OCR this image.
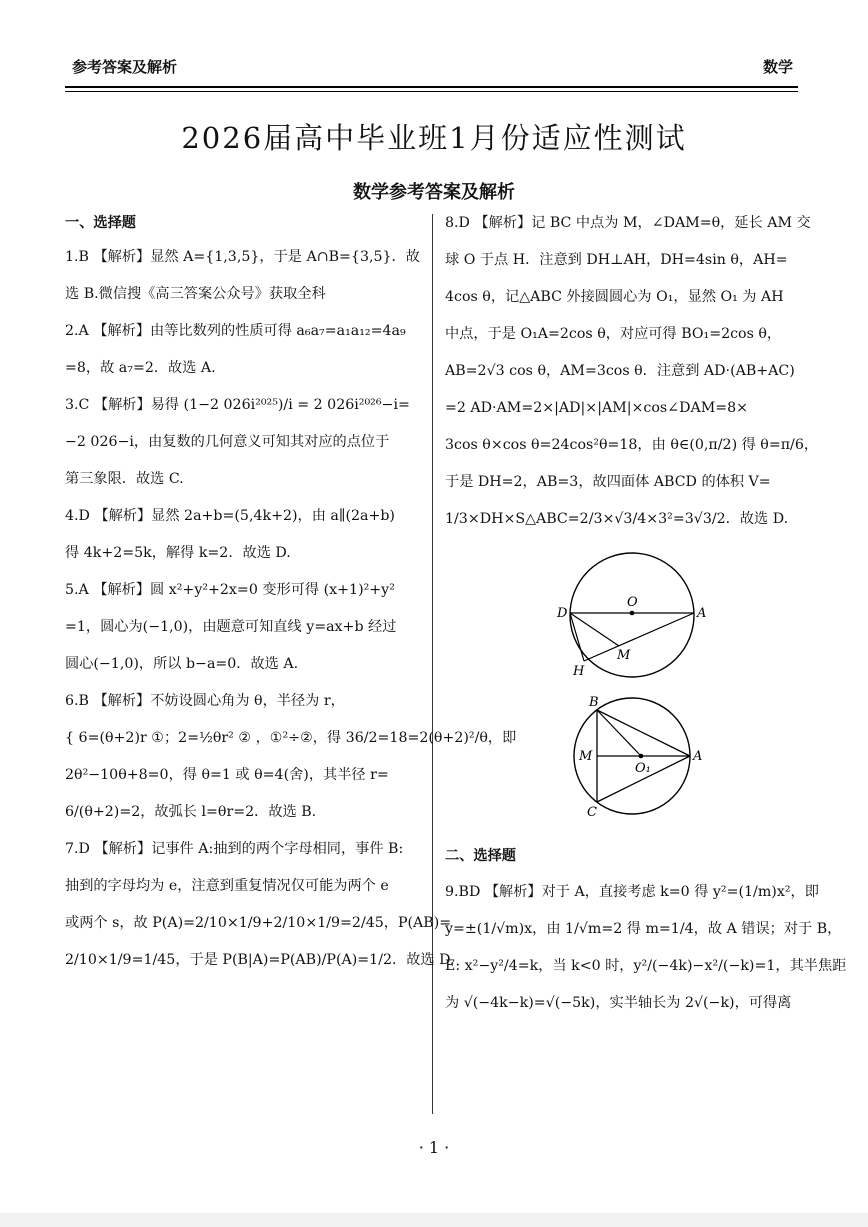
参考答案及解析	数学
2026届高中毕业班1月份适应性测试
数学参考答案及解析
一、选择题
1.B 【解析】显然 A={1,3,5}，于是 A∩B={3,5}．故
选 B.微信搜《高三答案公众号》获取全科
2.A 【解析】由等比数列的性质可得 a₆a₇=a₁a₁₂=4a₉
=8，故 a₇=2．故选 A.
3.C 【解析】易得 (1−2 026i²⁰²⁵)/i = 2 026i²⁰²⁶−i=
−2 026−i，由复数的几何意义可知其对应的点位于
第三象限．故选 C.
4.D 【解析】显然 2a+b=(5,4k+2)，由 a∥(2a+b)
得 4k+2=5k，解得 k=2．故选 D.
5.A 【解析】圆 x²+y²+2x=0 变形可得 (x+1)²+y²
=1，圆心为(−1,0)，由题意可知直线 y=ax+b 经过
圆心(−1,0)，所以 b−a=0．故选 A.
6.B 【解析】不妨设圆心角为 θ，半径为 r，
{ 6=(θ+2)r ①；2=½θr² ② ，①²÷②，得 36/2=18=2(θ+2)²/θ，即
2θ²−10θ+8=0，得 θ=1 或 θ=4(舍)，其半径 r=
6/(θ+2)=2，故弧长 l=θr=2．故选 B.
7.D 【解析】记事件 A:抽到的两个字母相同，事件 B:
抽到的字母均为 e，注意到重复情况仅可能为两个 e
或两个 s，故 P(A)=2/10×1/9+2/10×1/9=2/45，P(AB)=
2/10×1/9=1/45，于是 P(B|A)=P(AB)/P(A)=1/2．故选 D.
8.D 【解析】记 BC 中点为 M，∠DAM=θ，延长 AM 交
球 O 于点 H．注意到 DH⊥AH，DH=4sin θ，AH=
4cos θ，记△ABC 外接圆圆心为 O₁，显然 O₁ 为 AH
中点，于是 O₁A=2cos θ，对应可得 BO₁=2cos θ，
AB=2√3 cos θ，AM=3cos θ．注意到 AD·(AB+AC)
=2 AD·AM=2×|AD|×|AM|×cos∠DAM=8×
3cos θ×cos θ=24cos²θ=18，由 θ∈(0,π/2) 得 θ=π/6，
于是 DH=2，AB=3，故四面体 ABCD 的体积 V=
1/3×DH×S△ABC=2/3×√3/4×3²=3√3/2．故选 D.
D
O
A
M
H

B
M
O₁
A
C
二、选择题
9.BD 【解析】对于 A，直接考虑 k=0 得 y²=(1/m)x²，即
y=±(1/√m)x，由 1/√m=2 得 m=1/4，故 A 错误；对于 B，
E: x²−y²/4=k，当 k<0 时，y²/(−4k)−x²/(−k)=1，其半焦距
为 √(−4k−k)=√(−5k)，实半轴长为 2√(−k)，可得离
· 1 ·
